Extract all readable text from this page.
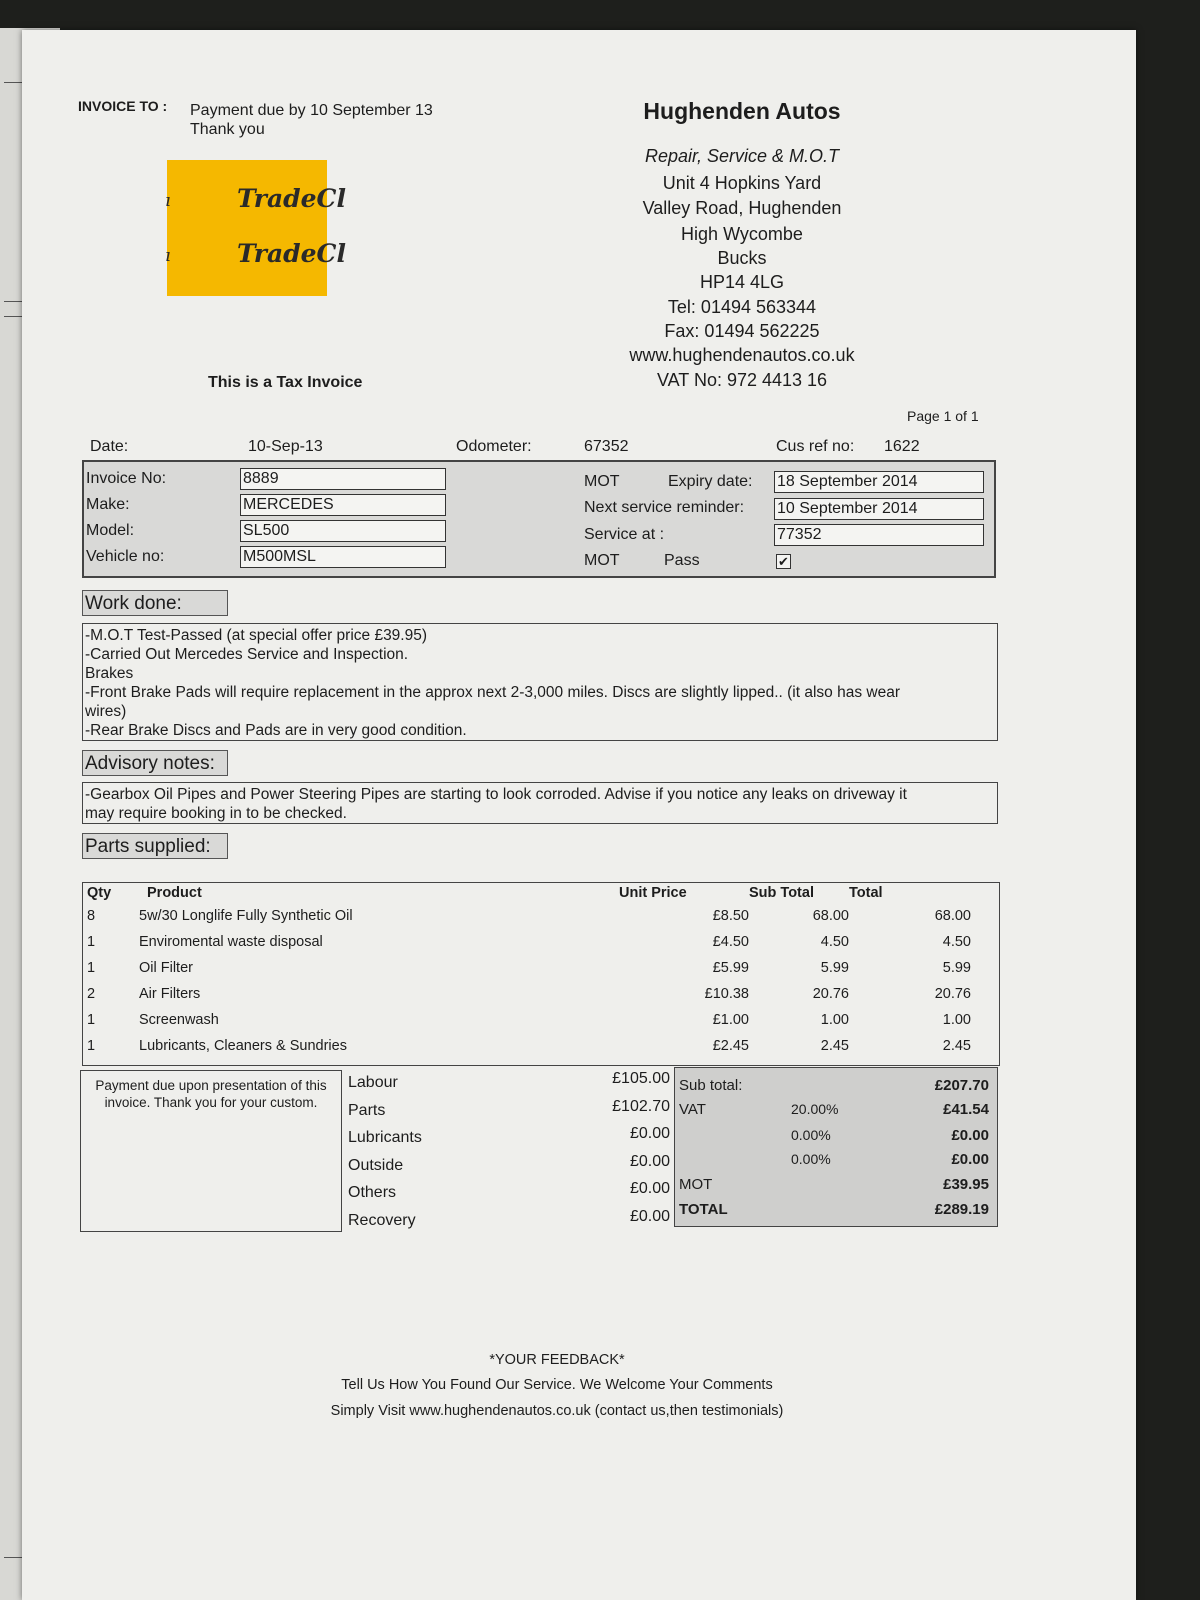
INVOICE TO : Payment due by 10 September 13
Thank you
ı	TradeCl
ı	TradeCl
Hughenden Autos
Repair, Service & M.O.T
Unit 4 Hopkins Yard
Valley Road, Hughenden
High Wycombe
Bucks
HP14 4LG
Tel: 01494 563344
Fax: 01494 562225
www.hughendenautos.co.uk
VAT No: 972 4413 16
This is a Tax Invoice
Page 1 of 1
Date:	10-Sep-13	Odometer:	67352	Cus ref no: 1622
Invoice No:	8889
Make:	MERCEDES
Model:	SL500
Vehicle no:	M500MSL
MOT	Expiry date: 18 September 2014
Next service reminder: 10 September 2014
Service at :	77352
MOT	Pass	✔
Work done:
-M.O.T Test-Passed (at special offer price £39.95)
-Carried Out Mercedes Service and Inspection.
Brakes
-Front Brake Pads will require replacement in the approx next 2-3,000 miles. Discs are slightly lipped.. (it also has wear
wires)
-Rear Brake Discs and Pads are in very good condition.
Advisory notes:
-Gearbox Oil Pipes and Power Steering Pipes are starting to look corroded. Advise if you notice any leaks on driveway it
may require booking in to be checked.
Parts supplied:
Qty	Product	Unit Price	Sub Total	Total
8	5w/30 Longlife Fully Synthetic Oil	£8.50	68.00	68.00
1	Enviromental waste disposal	£4.50	4.50	4.50
1	Oil Filter	£5.99	5.99	5.99
2	Air Filters	£10.38	20.76	20.76
1	Screenwash	£1.00	1.00	1.00
1	Lubricants, Cleaners & Sundries	£2.45	2.45	2.45
Payment due upon presentation of this invoice. Thank you for your custom.
Labour	£105.00
Parts	£102.70
Lubricants	£0.00
Outside	£0.00
Others	£0.00
Recovery	£0.00
Sub total:	£207.70
VAT	20.00%	£41.54
0.00%	£0.00
0.00%	£0.00
MOT	£39.95
TOTAL	£289.19
*YOUR FEEDBACK*
Tell Us How You Found Our Service. We Welcome Your Comments
Simply Visit www.hughendenautos.co.uk (contact us,then testimonials)
